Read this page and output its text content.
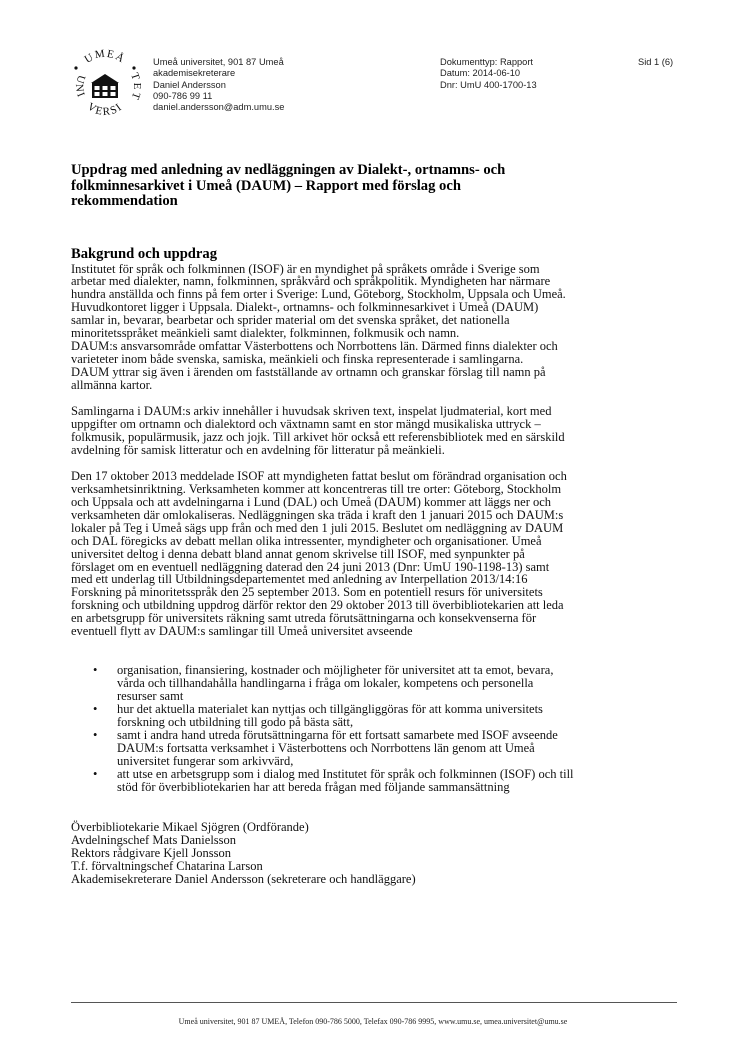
UMEÅ
UNI
VERSI
TET
Umeå universitet, 901 87 Umeå
akademisekreterare
Daniel Andersson
090-786 99 11
daniel.andersson@adm.umu.se
Dokumenttyp: Rapport
Datum: 2014-06-10
Dnr: UmU 400-1700-13
Sid 1 (6)
Uppdrag med anledning av nedläggningen av Dialekt-, ortnamns- och
folkminnesarkivet i Umeå (DAUM) – Rapport med förslag och
rekommendation
Bakgrund och uppdrag

Institutet för språk och folkminnen (ISOF) är en myndighet på språkets område i Sverige som
arbetar med dialekter, namn, folkminnen, språkvård och språkpolitik. Myndigheten har närmare
hundra anställda och finns på fem orter i Sverige: Lund, Göteborg, Stockholm, Uppsala och Umeå.
Huvudkontoret ligger i Uppsala. Dialekt-, ortnamns- och folkminnesarkivet i Umeå (DAUM)
samlar in, bevarar, bearbetar och sprider material om det svenska språket, det nationella
minoritetsspråket meänkieli samt dialekter, folkminnen, folkmusik och namn.
DAUM:s ansvarsområde omfattar Västerbottens och Norrbottens län. Därmed finns dialekter och
varieteter inom både svenska, samiska, meänkieli och finska representerade i samlingarna.
DAUM yttrar sig även i ärenden om fastställande av ortnamn och granskar förslag till namn på
allmänna kartor.

Samlingarna i DAUM:s arkiv innehåller i huvudsak skriven text, inspelat ljudmaterial, kort med
uppgifter om ortnamn och dialektord och växtnamn samt en stor mängd musikaliska uttryck –
folkmusik, populärmusik, jazz och jojk. Till arkivet hör också ett referensbibliotek med en särskild
avdelning för samisk litteratur och en avdelning för litteratur på meänkieli.

Den 17 oktober 2013 meddelade ISOF att myndigheten fattat beslut om förändrad organisation och
verksamhetsinriktning. Verksamheten kommer att koncentreras till tre orter: Göteborg, Stockholm
och Uppsala och att avdelningarna i Lund (DAL) och Umeå (DAUM) kommer att läggs ner och
verksamheten där omlokaliseras. Nedläggningen ska träda i kraft den 1 januari 2015 och DAUM:s
lokaler på Teg i Umeå sägs upp från och med den 1 juli 2015. Beslutet om nedläggning av DAUM
och DAL föregicks av debatt mellan olika intressenter, myndigheter och organisationer. Umeå
universitet deltog i denna debatt bland annat genom skrivelse till ISOF, med synpunkter på
förslaget om en eventuell nedläggning daterad den 24 juni 2013 (Dnr: UmU 190-1198-13) samt
med ett underlag till Utbildningsdepartementet med anledning av Interpellation 2013/14:16
Forskning på minoritetsspråk den 25 september 2013. Som en potentiell resurs för universitets
forskning och utbildning uppdrog därför rektor den 29 oktober 2013 till överbibliotekarien att leda
en arbetsgrupp för universitets räkning samt utreda förutsättningarna och konsekvenserna för
eventuell flytt av DAUM:s samlingar till Umeå universitet avseende

• organisation, finansiering, kostnader och möjligheter för universitet att ta emot, bevara,
vårda och tillhandahålla handlingarna i fråga om lokaler, kompetens och personella
resurser samt
• hur det aktuella materialet kan nyttjas och tillgängliggöras för att komma universitets
forskning och utbildning till godo på bästa sätt,
• samt i andra hand utreda förutsättningarna för ett fortsatt samarbete med ISOF avseende
DAUM:s fortsatta verksamhet i Västerbottens och Norrbottens län genom att Umeå
universitet fungerar som arkivvärd,
• att utse en arbetsgrupp som i dialog med Institutet för språk och folkminnen (ISOF) och till
stöd för överbibliotekarien har att bereda frågan med följande sammansättning
Överbibliotekarie Mikael Sjögren (Ordförande)
Avdelningschef Mats Danielsson
Rektors rådgivare Kjell Jonsson
T.f. förvaltningschef Chatarina Larson
Akademisekreterare Daniel Andersson (sekreterare och handläggare)
Umeå universitet, 901 87 UMEÅ, Telefon 090-786 5000, Telefax 090-786 9995, www.umu.se, umea.universitet@umu.se
